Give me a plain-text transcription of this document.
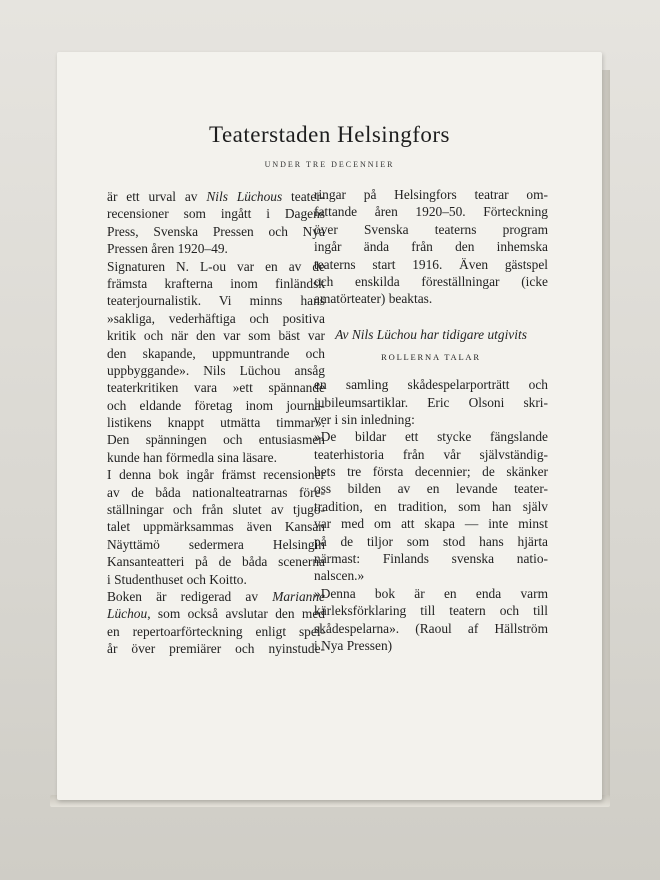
Teaterstaden Helsingfors
UNDER TRE DECENNIER
är ett urval av Nils Lüchous teater-
recensioner som ingått i Dagens
Press, Svenska Pressen och Nya
Pressen åren 1920–49.
Signaturen N. L-ou var en av de
främsta krafterna inom finländsk
teaterjournalistik. Vi minns hans
»sakliga, vederhäftiga och positiva
kritik och när den var som bäst var
den skapande, uppmuntrande och
uppbyggande». Nils Lüchou ansåg
teaterkritiken vara »ett spännande
och eldande företag inom journa-
listikens knappt utmätta timmar».
Den spänningen och entusiasmen
kunde han förmedla sina läsare.
I denna bok ingår främst recensioner
av de båda nationalteatrarnas före-
ställningar och från slutet av tjugo-
talet uppmärksammas även Kansan
Näyttämö sedermera Helsingin
Kansanteatteri på de båda scenerna
i Studenthuset och Koitto.
Boken är redigerad av Marianne
Lüchou, som också avslutar den med
en repertoarförteckning enligt spel-
år över premiärer och nyinstude-
ringar på Helsingfors teatrar om-
fattande åren 1920–50. Förteckning
över Svenska teaterns program
ingår ända från den inhemska
teaterns start 1916. Även gästspel
och enskilda föreställningar (icke
amatörteater) beaktas.
Av Nils Lüchou har tidigare utgivits
ROLLERNA TALAR
en samling skådespelarporträtt och
jubileumsartiklar. Eric Olsoni skri-
ver i sin inledning:
»De bildar ett stycke fängslande
teaterhistoria från vår självständig-
hets tre första decennier; de skänker
oss bilden av en levande teater-
tradition, en tradition, som han själv
var med om att skapa — inte minst
på de tiljor som stod hans hjärta
närmast: Finlands svenska natio-
nalscen.»
»Denna bok är en enda varm
kärleksförklaring till teatern och till
skådespelarna». (Raoul af Hällström
i Nya Pressen)
